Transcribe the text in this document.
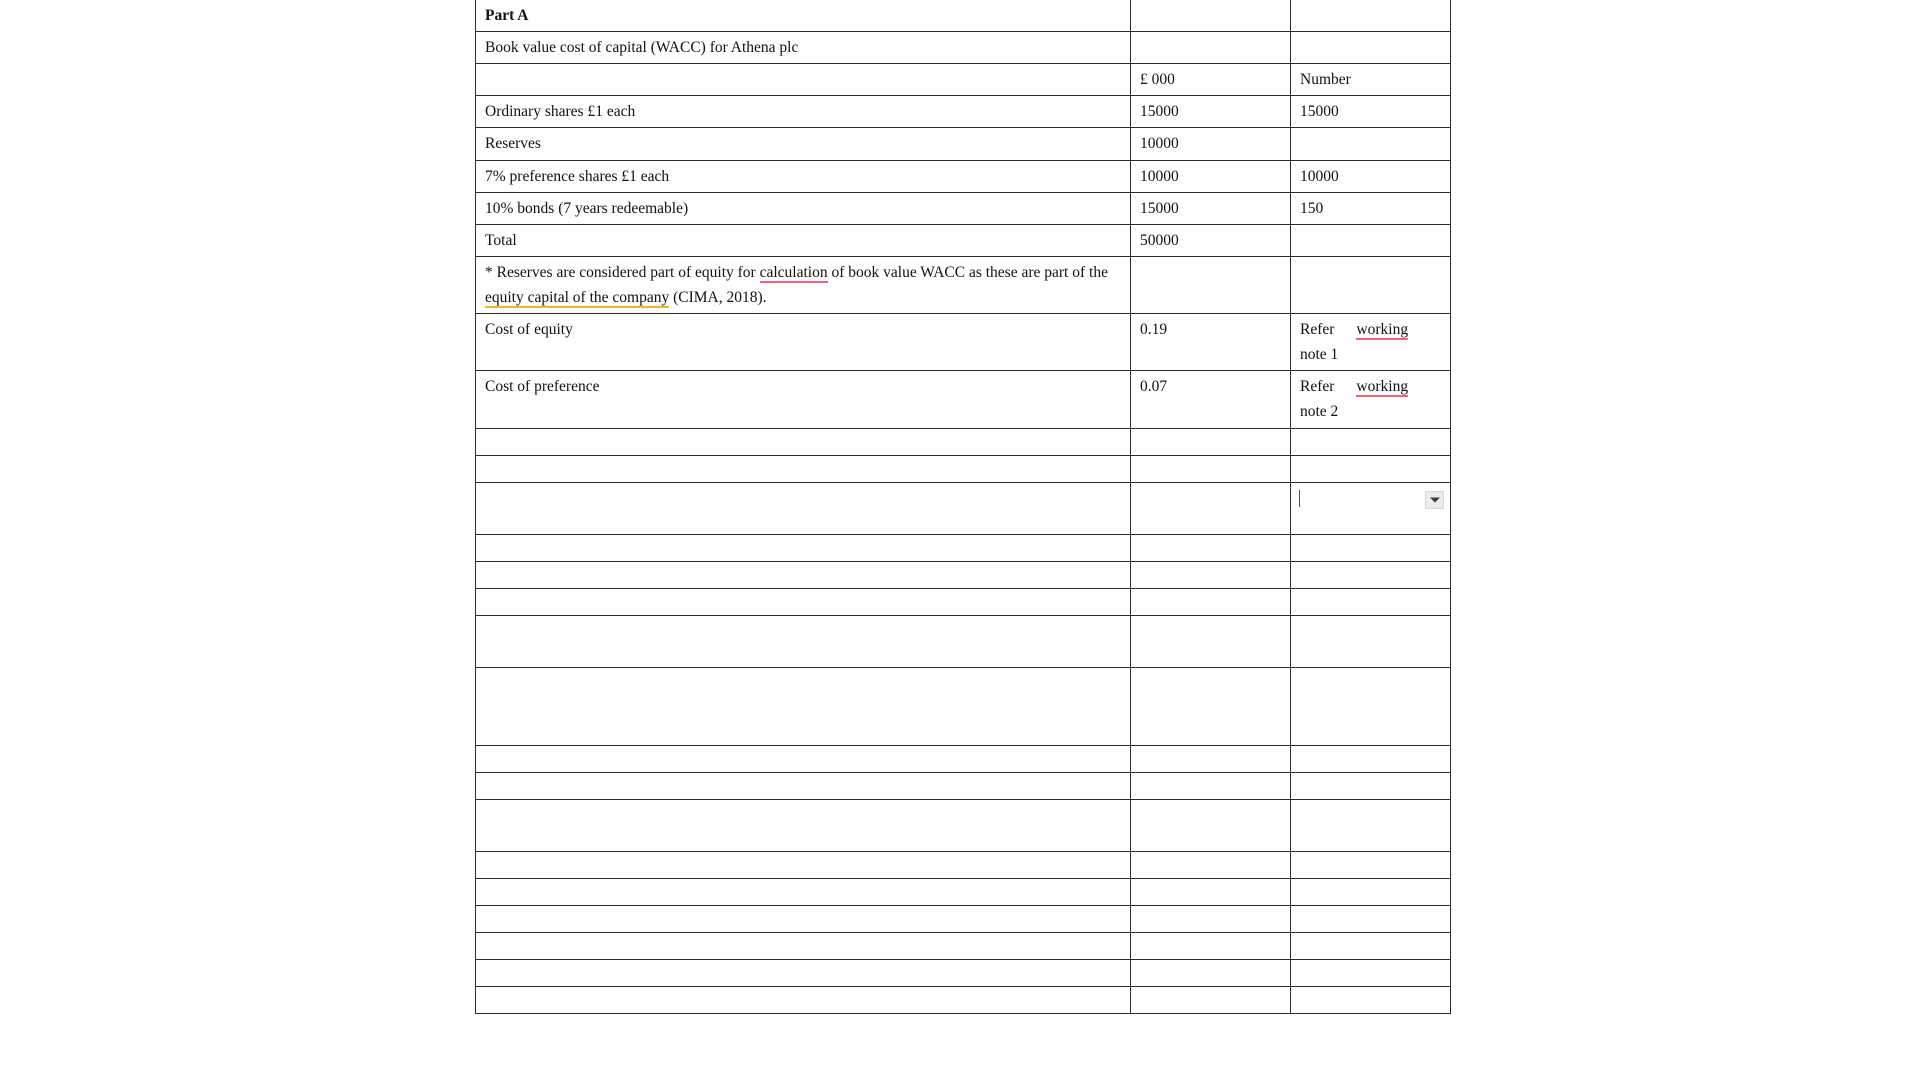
Part A		
Book value cost of capital (WACC) for Athena plc		
	£ 000	Number
Ordinary shares £1 each	15000	15000
Reserves	10000	
7% preference shares £1 each	10000	10000
10% bonds (7 years redeemable)	15000	150
Total	50000	
* Reserves are considered part of equity for calculation of book value WACC as these are part of the equity capital of the company (CIMA, 2018).		
Cost of equity	0.19	Refer working
note 1

Cost of preference	0.07	Refer working
note 2
